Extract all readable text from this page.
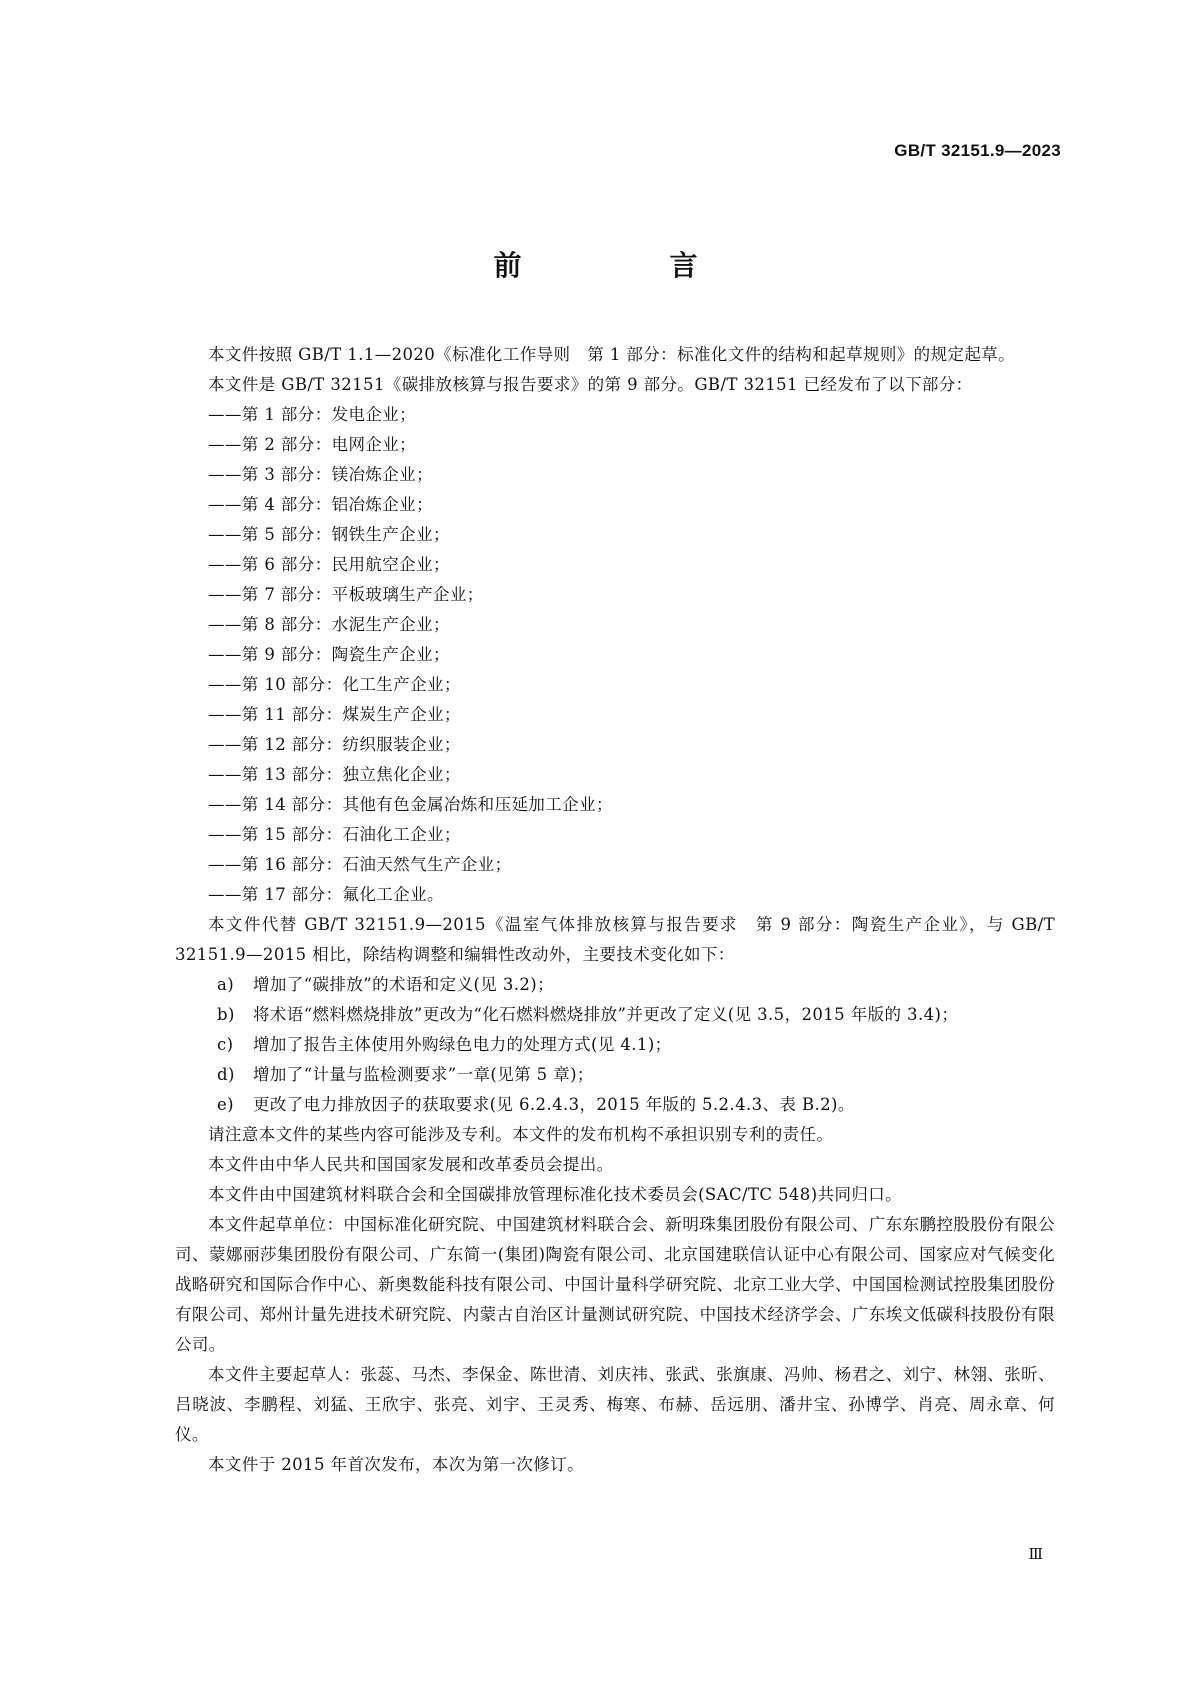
GB/T 32151.9—2023
前　言

本文件按照 GB/T 1.1—2020《标准化工作导则　第 1 部分：标准化文件的结构和起草规则》的规定起草。

本文件是 GB/T 32151《碳排放核算与报告要求》的第 9 部分。GB/T 32151 已经发布了以下部分：

——第 1 部分：发电企业；

——第 2 部分：电网企业；

——第 3 部分：镁冶炼企业；

——第 4 部分：铝冶炼企业；

——第 5 部分：钢铁生产企业；

——第 6 部分：民用航空企业；

——第 7 部分：平板玻璃生产企业；

——第 8 部分：水泥生产企业；

——第 9 部分：陶瓷生产企业；

——第 10 部分：化工生产企业；

——第 11 部分：煤炭生产企业；

——第 12 部分：纺织服装企业；

——第 13 部分：独立焦化企业；

——第 14 部分：其他有色金属冶炼和压延加工企业；

——第 15 部分：石油化工企业；

——第 16 部分：石油天然气生产企业；

——第 17 部分：氟化工企业。

本文件代替 GB/T 32151.9—2015《温室气体排放核算与报告要求　第 9 部分：陶瓷生产企业》，与 GB/T 32151.9—2015 相比，除结构调整和编辑性改动外，主要技术变化如下：

a) 增加了“碳排放”的术语和定义(见 3.2)；

b) 将术语“燃料燃烧排放”更改为“化石燃料燃烧排放”并更改了定义(见 3.5，2015 年版的 3.4)；

c) 增加了报告主体使用外购绿色电力的处理方式(见 4.1)；

d) 增加了“计量与监检测要求”一章(见第 5 章)；

e) 更改了电力排放因子的获取要求(见 6.2.4.3，2015 年版的 5.2.4.3、表 B.2)。

请注意本文件的某些内容可能涉及专利。本文件的发布机构不承担识别专利的责任。

本文件由中华人民共和国国家发展和改革委员会提出。

本文件由中国建筑材料联合会和全国碳排放管理标准化技术委员会(SAC/TC 548)共同归口。

本文件起草单位：中国标准化研究院、中国建筑材料联合会、新明珠集团股份有限公司、广东东鹏控股股份有限公司、蒙娜丽莎集团股份有限公司、广东简一(集团)陶瓷有限公司、北京国建联信认证中心有限公司、国家应对气候变化战略研究和国际合作中心、新奥数能科技有限公司、中国计量科学研究院、北京工业大学、中国国检测试控股集团股份有限公司、郑州计量先进技术研究院、内蒙古自治区计量测试研究院、中国技术经济学会、广东埃文低碳科技股份有限公司。

本文件主要起草人：张蕊、马杰、李保金、陈世清、刘庆祎、张武、张旗康、冯帅、杨君之、刘宁、林翎、张昕、吕晓波、李鹏程、刘猛、王欣宇、张亮、刘宇、王灵秀、梅寒、布赫、岳远朋、潘井宝、孙博学、肖亮、周永章、何仪。

本文件于 2015 年首次发布，本次为第一次修订。

Ⅲ
